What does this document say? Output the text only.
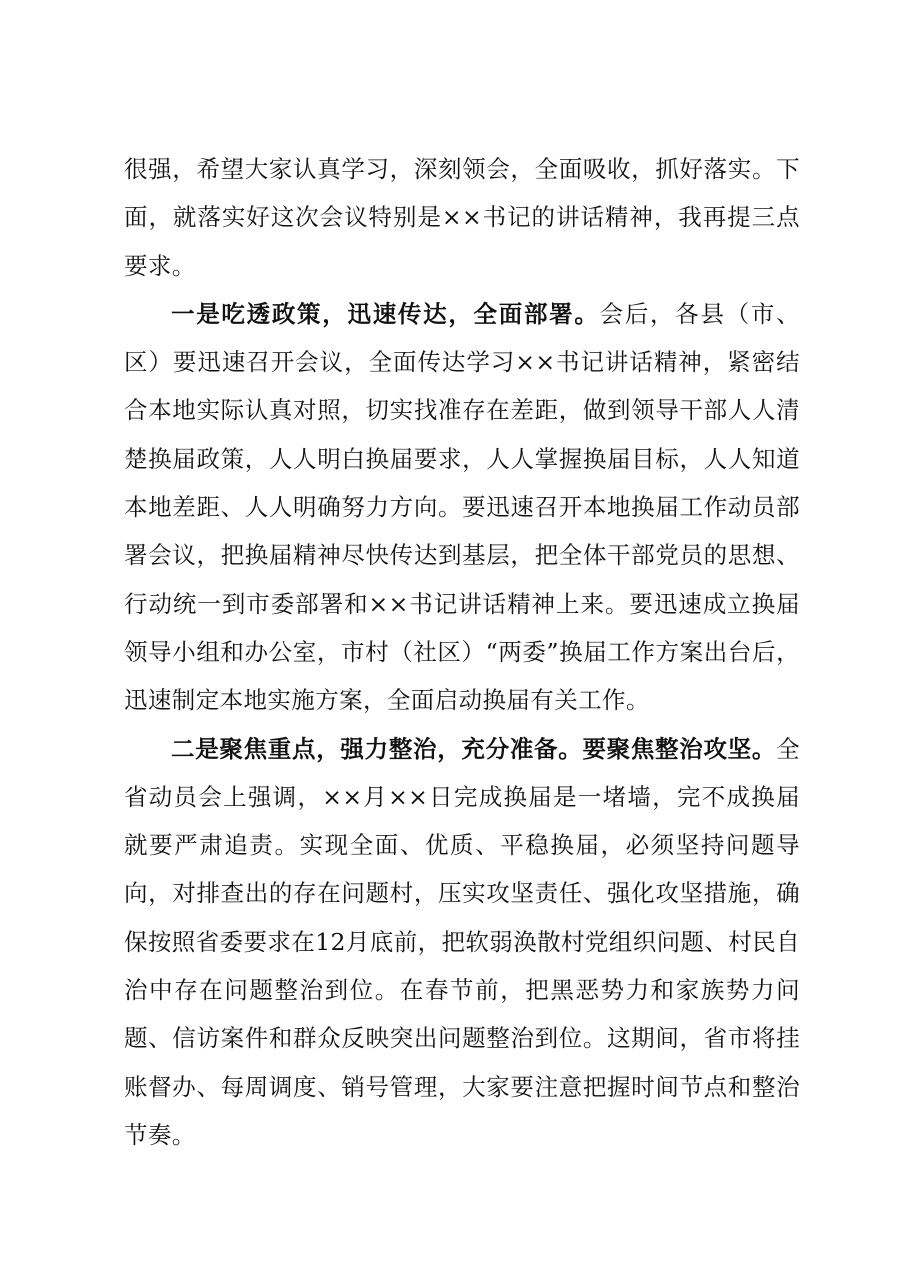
很强，希望大家认真学习，深刻领会，全面吸收，抓好落实。下面，就落实好这次会议特别是××书记的讲话精神，我再提三点要求。

一是吃透政策，迅速传达，全面部署。会后，各县（市、区）要迅速召开会议，全面传达学习××书记讲话精神，紧密结合本地实际认真对照，切实找准存在差距，做到领导干部人人清楚换届政策，人人明白换届要求，人人掌握换届目标，人人知道本地差距、人人明确努力方向。要迅速召开本地换届工作动员部署会议，把换届精神尽快传达到基层，把全体干部党员的思想、行动统一到市委部署和××书记讲话精神上来。要迅速成立换届领导小组和办公室，市村（社区）“两委”换届工作方案出台后，迅速制定本地实施方案，全面启动换届有关工作。

二是聚焦重点，强力整治，充分准备。要聚焦整治攻坚。全省动员会上强调，××月××日完成换届是一堵墙，完不成换届就要严肃追责。实现全面、优质、平稳换届，必须坚持问题导向，对排查出的存在问题村，压实攻坚责任、强化攻坚措施，确保按照省委要求在12月底前，把软弱涣散村党组织问题、村民自治中存在问题整治到位。在春节前，把黑恶势力和家族势力问题、信访案件和群众反映突出问题整治到位。这期间，省市将挂账督办、每周调度、销号管理，大家要注意把握时间节点和整治节奏。
